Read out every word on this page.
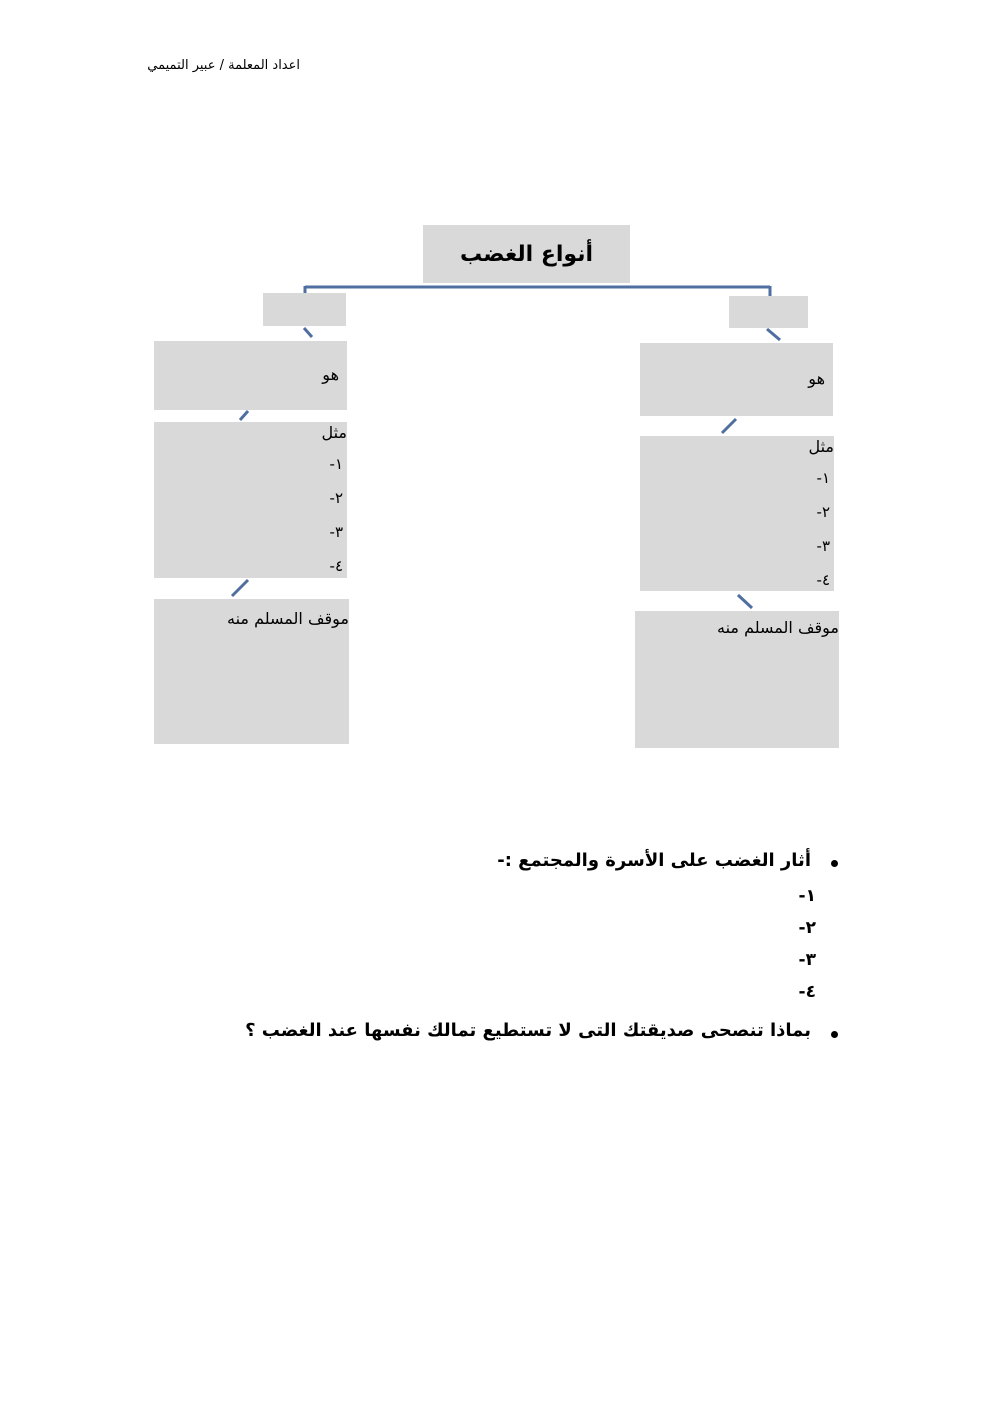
اعداد المعلمة / عبير التميمي
أنواع الغضب
هو
مثل
١-
٢-
٣-
٤-
موقف المسلم منه
هو
مثل
١-
٢-
٣-
٤-
موقف المسلم منه
أثار الغضب على الأسرة والمجتمع :-
١-
٢-
٣-
٤-
بماذا تنصحى صديقتك التى لا تستطيع تمالك نفسها عند الغضب ؟
